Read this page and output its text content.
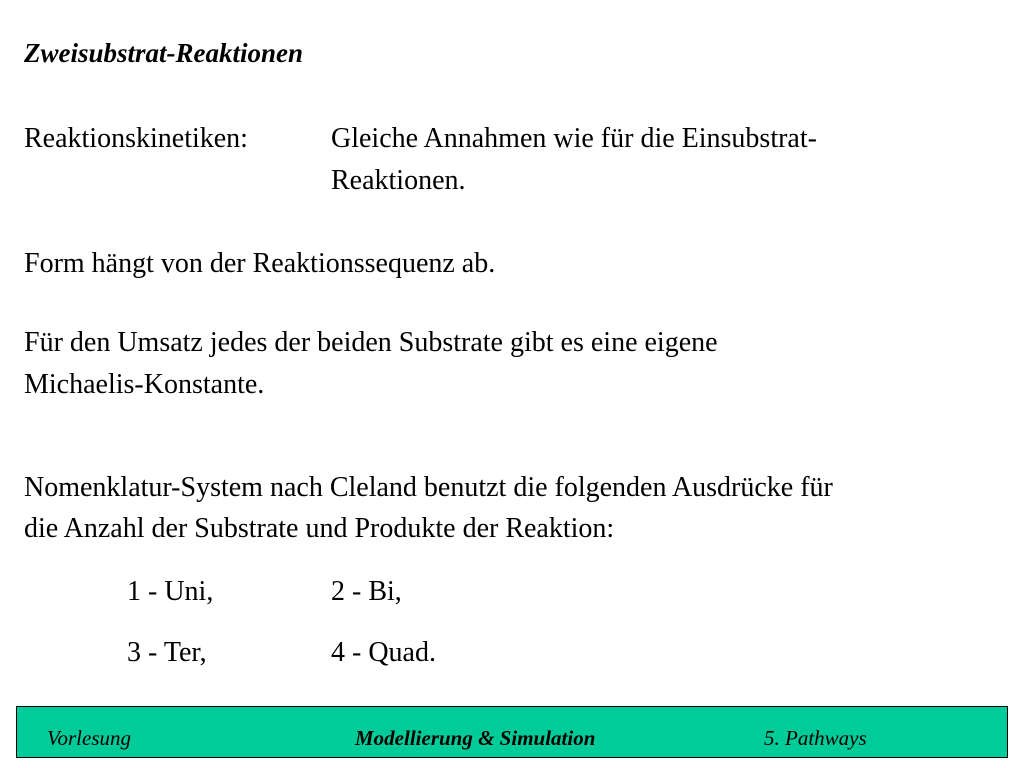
Zweisubstrat-Reaktionen
Reaktionskinetiken:	Gleiche Annahmen wie für die Einsubstrat-
Reaktionen.
Form hängt von der Reaktionssequenz ab.
Für den Umsatz jedes der beiden Substrate gibt es eine eigene
Michaelis-Konstante.
Nomenklatur-System nach Cleland benutzt die folgenden Ausdrücke für
die Anzahl der Substrate und Produkte der Reaktion:
1 - Uni,	2 - Bi,
3 - Ter,	4 - Quad.
Vorlesung	Modellierung & Simulation	5. Pathways
